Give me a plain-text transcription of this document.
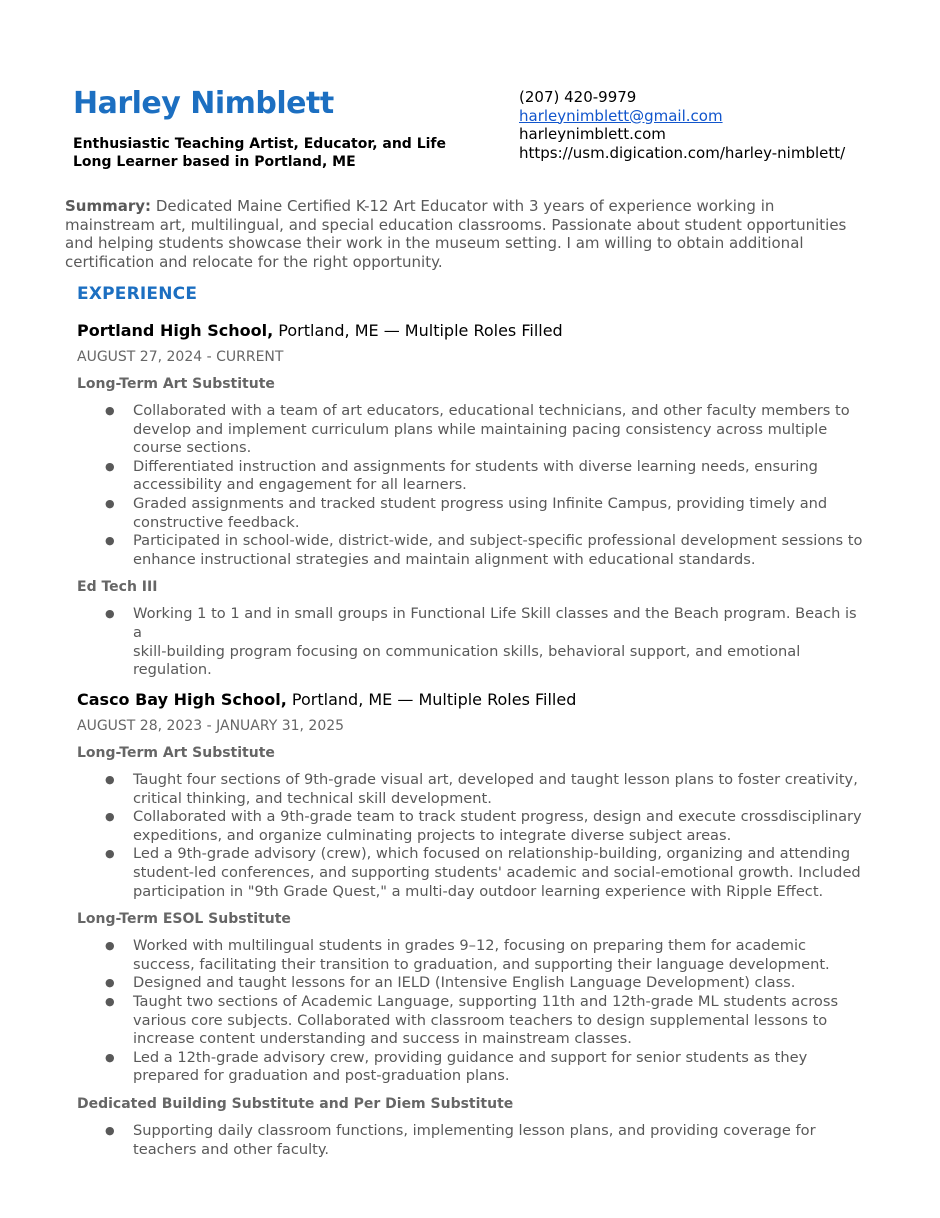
Harley Nimblett

Enthusiastic Teaching Artist, Educator, and Life Long Learner based in Portland, ME

(207) 420-9979
harleynimblett@gmail.com
harleynimblett.com
https://usm.digication.com/harley-nimblett/

Summary: Dedicated Maine Certified K-12 Art Educator with 3 years of experience working in mainstream art, multilingual, and special education classrooms. Passionate about student opportunities and helping students showcase their work in the museum setting. I am willing to obtain additional certification and relocate for the right opportunity.

EXPERIENCE

Portland High School, Portland, ME — Multiple Roles Filled

AUGUST 27, 2024 - CURRENT

Long-Term Art Substitute

● Collaborated with a team of art educators, educational technicians, and other faculty members to
develop and implement curriculum plans while maintaining pacing consistency across multiple
course sections.
● Differentiated instruction and assignments for students with diverse learning needs, ensuring
accessibility and engagement for all learners.
● Graded assignments and tracked student progress using Infinite Campus, providing timely and
constructive feedback.
● Participated in school-wide, district-wide, and subject-specific professional development sessions to
enhance instructional strategies and maintain alignment with educational standards.

Ed Tech III

● Working 1 to 1 and in small groups in Functional Life Skill classes and the Beach program. Beach is a
skill-building program focusing on communication skills, behavioral support, and emotional
regulation.

Casco Bay High School, Portland, ME — Multiple Roles Filled

AUGUST 28, 2023 - JANUARY 31, 2025

Long-Term Art Substitute

● Taught four sections of 9th-grade visual art, developed and taught lesson plans to foster creativity,
critical thinking, and technical skill development.
● Collaborated with a 9th-grade team to track student progress, design and execute crossdisciplinary
expeditions, and organize culminating projects to integrate diverse subject areas.
● Led a 9th-grade advisory (crew), which focused on relationship-building, organizing and attending
student-led conferences, and supporting students' academic and social-emotional growth. Included
participation in "9th Grade Quest," a multi-day outdoor learning experience with Ripple Effect.

Long-Term ESOL Substitute

● Worked with multilingual students in grades 9–12, focusing on preparing them for academic
success, facilitating their transition to graduation, and supporting their language development.
● Designed and taught lessons for an IELD (Intensive English Language Development) class.
● Taught two sections of Academic Language, supporting 11th and 12th-grade ML students across
various core subjects. Collaborated with classroom teachers to design supplemental lessons to
increase content understanding and success in mainstream classes.
● Led a 12th-grade advisory crew, providing guidance and support for senior students as they
prepared for graduation and post-graduation plans.

Dedicated Building Substitute and Per Diem Substitute

● Supporting daily classroom functions, implementing lesson plans, and providing coverage for
teachers and other faculty.
